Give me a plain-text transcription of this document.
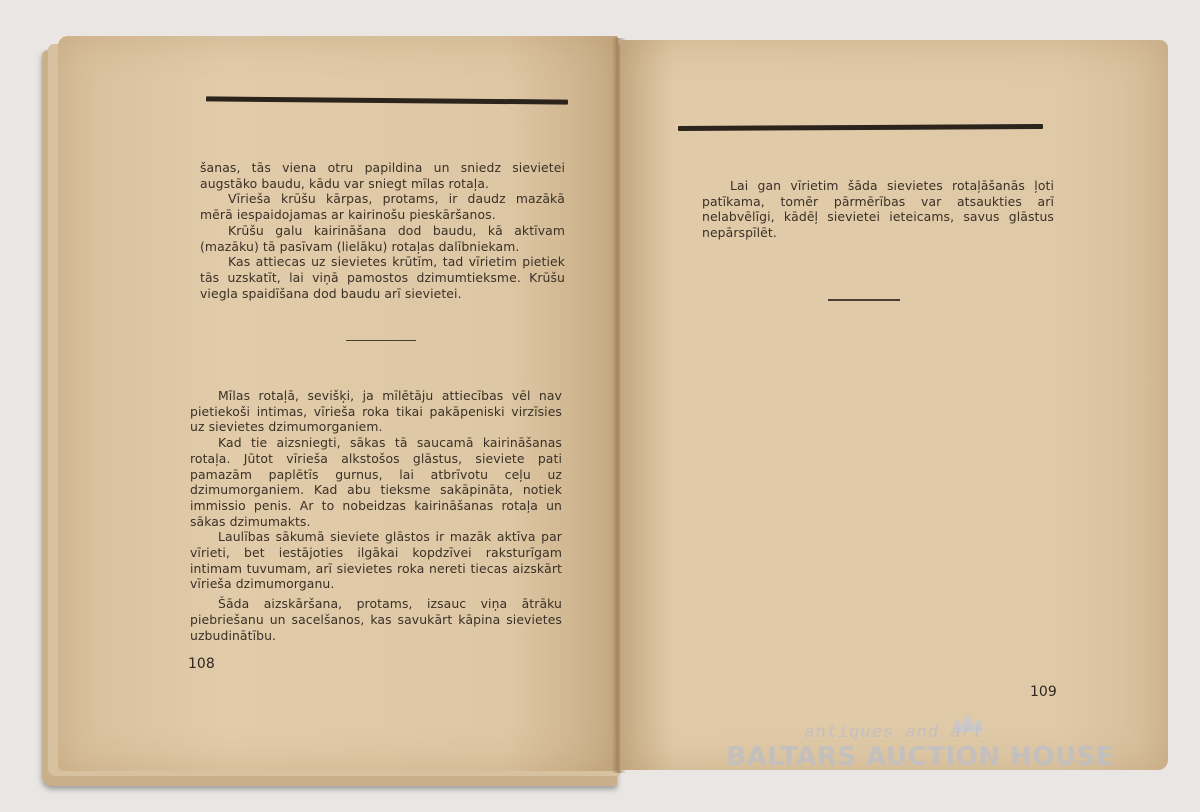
šanas, tās viena otru papildina un sniedz sievietei augstāko baudu, kādu var sniegt mīlas rotaļa.

Vīrieša krūšu kārpas, protams, ir daudz mazākā mērā iespaidojamas ar kairinošu pieskāršanos.

Krūšu galu kairināšana dod baudu, kā aktīvam (mazāku) tā pasīvam (lielāku) rotaļas dalībniekam.

Kas attiecas uz sievietes krūtīm, tad vīrietim pietiek tās uzskatīt, lai viņā pamostos dzimumtieksme. Krūšu viegla spaidīšana dod baudu arī sievietei.

Mīlas rotaļā, sevišķi, ja mīlētāju attiecības vēl nav pietiekoši intimas, vīrieša roka tikai pakāpeniski virzīsies uz sievietes dzimumorganiem.

Kad tie aizsniegti, sākas tā saucamā kairināšanas rotaļa. Jūtot vīrieša alkstošos glāstus, sieviete pati pamazām paplētīs gurnus, lai atbrīvotu ceļu uz dzimumorganiem. Kad abu tieksme sakāpināta, notiek immissio penis. Ar to nobeidzas kairināšanas rotaļa un sākas dzimumakts.

Laulības sākumā sieviete glāstos ir mazāk aktīva par vīrieti, bet iestājoties ilgākai kopdzīvei raksturīgam intimam tuvumam, arī sievietes roka nereti tiecas aizskārt vīrieša dzimumorganu.

Šāda aizskāršana, protams, izsauc viņa ātrāku piebriešanu un sacelšanos, kas savukārt kāpina sievietes uzbudinātību.

108

Lai gan vīrietim šāda sievietes rotaļāšanās ļoti patīkama, tomēr pārmērības var atsaukties arī nelabvēlīgi, kādēļ sievietei ieteicams, savus glāstus nepārspīlēt.

109
antiques and art
BALTARS AUCTION HOUSE
